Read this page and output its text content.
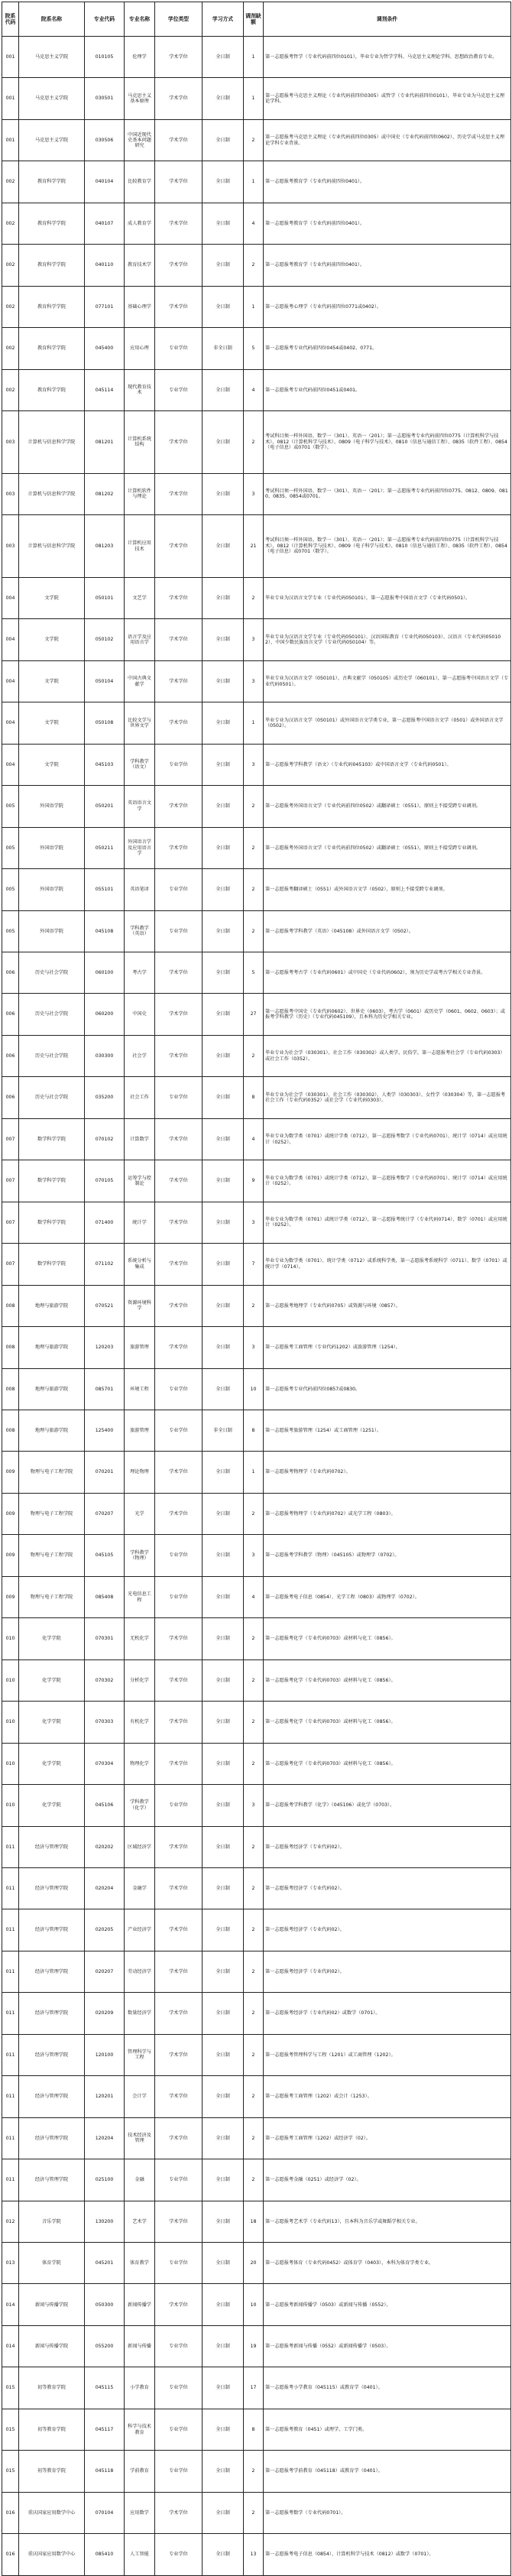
院系代码	院系名称	专业代码	专业名称	学位类型	学习方式	调剂缺额	调剂条件
001	马克思主义学院	010105	伦理学	学术学位	全日制	1	第一志愿报考哲学（专业代码前四位0101），毕业专业为哲学学科、马克思主义理论学科、思想政治教育专业。
001	马克思主义学院	030501	马克思主义基本原理	学术学位	全日制	1	第一志愿报考马克思主义理论（专业代码前四位0305）或哲学（专业代码前四位0101），毕业专业为马克思主义理论学科。
001	马克思主义学院	030506	中国近现代史基本问题研究	学术学位	全日制	2	第一志愿报考马克思主义理论（专业代码前四位0305）或中国史（专业代码前四位0602），历史学或马克思主义理论学科专业背景。
002	教育科学学院	040104	比较教育学	学术学位	全日制	1	第一志愿报考教育学（专业代码前四位0401）。
002	教育科学学院	040107	成人教育学	学术学位	全日制	4	第一志愿报考教育学（专业代码前四位0401）。
002	教育科学学院	040110	教育技术学	学术学位	全日制	2	第一志愿报考教育学（专业代码前四位0401）。
002	教育科学学院	077101	基础心理学	学术学位	全日制	1	第一志愿报考心理学（专业代码前四位0771或0402）。
002	教育科学学院	045400	应用心理	专业学位	非全日制	5	第一志愿报考专业代码前四位0454或0402、0771。
002	教育科学学院	045114	现代教育技术	专业学位	全日制	4	第一志愿报考专业代码前四位0451或0401。
003	计算机与信息科学学院	081201	计算机系统结构	学术学位	全日制	2	考试科目须一样外国语，数学一（301）、英语一（201）；第一志愿报考专业代码前四位0775（计算机科学与技术）、0812（计算机科学与技术）、0809（电子科学与技术）、0810（信息与通信工程）、0835（软件工程）、0854（电子信息）或0701（数学）。
003	计算机与信息科学学院	081202	计算机软件与理论	学术学位	全日制	3	考试科目须一样外国语，数学一（301）、英语一（201）；第一志愿报考专业代码前四位0775、0812、0809、0810、0835、0854或0701。
003	计算机与信息科学学院	081203	计算机应用技术	学术学位	全日制	21	考试科目须一样外国语，数学一（301）、英语一（201）；第一志愿报考专业代码前四位0775（计算机科学与技术）、0812（计算机科学与技术）、0809（电子科学与技术）、0810（信息与通信工程）、0835（软件工程）、0854（电子信息）或0701（数学）。
004	文学院	050101	文艺学	学术学位	全日制	2	毕业专业为汉语言文学专业（专业代码050101），第一志愿报考中国语言文学（专业代码0501）。
004	文学院	050102	语言学及应用语言学	学术学位	全日制	3	毕业专业为汉语言文学专业（专业代码050101）、汉语国际教育（专业代码050103）、汉语言（专业代码050102）、中国少数民族语言文学（专业代码050104）等。
004	文学院	050104	中国古典文献学	学术学位	全日制	3	毕业专业为汉语言文学（050101）、古典文献学（050105）或历史学（060101），第一志愿报考中国语言文学（专业代码0501）。
004	文学院	050108	比较文学与世界文学	学术学位	全日制	1	毕业专业为汉语言文学（050101）或外国语言文学类专业，第一志愿报考中国语言文学（0501）或外国语言文学（0502）。
004	文学院	045103	学科教学（语文）	专业学位	全日制	3	第一志愿报考学科教学（语文）（专业代码045103）或中国语言文学（专业代码0501）。
005	外国语学院	050201	英语语言文学	学术学位	全日制	2	第一志愿报考外国语言文学（专业代码前四位0502）或翻译硕士（0551），原则上不接受跨专业调剂。
005	外国语学院	050211	外国语言学及应用语言学	学术学位	全日制	2	第一志愿报考外国语言文学（专业代码前四位0502）或翻译硕士（0551），原则上不接受跨专业调剂。
005	外国语学院	055101	英语笔译	专业学位	全日制	2	第一志愿报考翻译硕士（0551）或外国语言文学（0502），原则上不接受跨专业调剂。
005	外国语学院	045108	学科教学（英语）	专业学位	全日制	2	第一志愿报考学科教学（英语）（045108）或外国语言文学（0502）。
006	历史与社会学院	060100	考古学	学术学位	全日制	5	第一志愿报考考古学（专业代码0601）或中国史（专业代码0602），须为历史学或考古学相关专业背景。
006	历史与社会学院	060200	中国史	学术学位	全日制	27	第一志愿报考中国史（专业代码0602）、世界史（0603）、考古学（0601）或历史学（0601、0602、0603）；或报考学科教学（历史）（专业代码045109），且本科为历史学相关专业。
006	历史与社会学院	030300	社会学	学术学位	全日制	2	毕业专业为社会学（030301）、社会工作（030302）或人类学、民俗学，第一志愿报考社会学（专业代码0303）或社会工作（0352）。
006	历史与社会学院	035200	社会工作	专业学位	全日制	8	毕业专业为社会学（030301）、社会工作（030302）、人类学（030303）、女性学（030304）等，第一志愿报考社会工作（专业代码0352）或社会学（专业代码0303）。
007	数学科学学院	070102	计算数学	学术学位	全日制	4	毕业专业为数学类（0701）或统计学类（0712），第一志愿报考数学（专业代码0701）、统计学（0714）或应用统计（0252）。
007	数学科学学院	070105	运筹学与控制论	学术学位	全日制	9	毕业专业为数学类（0701）或统计学类（0712），第一志愿报考数学（专业代码0701）、统计学（0714）或应用统计（0252）。
007	数学科学学院	071400	统计学	学术学位	全日制	3	毕业专业为数学类（0701）或统计学类（0712），第一志愿报考统计学（专业代码0714）、数学（0701）或应用统计（0252）。
007	数学科学学院	071102	系统分析与集成	学术学位	全日制	7	毕业专业为数学类（0701）、统计学类（0712）或系统科学类，第一志愿报考系统科学（0711）、数学（0701）或统计学（0714）。
008	地理与旅游学院	070521	资源环境科学	学术学位	全日制	2	第一志愿报考地理学（专业代码0705）或资源与环境（0857）。
008	地理与旅游学院	120203	旅游管理	学术学位	全日制	3	第一志愿报考工商管理（专业代码1202）或旅游管理（1254）。
008	地理与旅游学院	085701	环境工程	专业学位	全日制	10	第一志愿报考专业代码前四位0857或0830。
008	地理与旅游学院	125400	旅游管理	专业学位	非全日制	8	第一志愿报考旅游管理（1254）或工商管理（1251）。
009	物理与电子工程学院	070201	理论物理	学术学位	全日制	1	第一志愿报考物理学（专业代码0702）。
009	物理与电子工程学院	070207	光学	学术学位	全日制	2	第一志愿报考物理学（专业代码0702）或光学工程（0803）。
009	物理与电子工程学院	045105	学科教学（物理）	专业学位	全日制	3	第一志愿报考学科教学（物理）（045105）或物理学（0702）。
009	物理与电子工程学院	085408	光电信息工程	专业学位	全日制	4	第一志愿报考电子信息（0854）、光学工程（0803）或物理学（0702）。
010	化学学院	070301	无机化学	学术学位	全日制	2	第一志愿报考化学（专业代码0703）或材料与化工（0856）。
010	化学学院	070302	分析化学	学术学位	全日制	2	第一志愿报考化学（专业代码0703）或材料与化工（0856）。
010	化学学院	070303	有机化学	学术学位	全日制	2	第一志愿报考化学（专业代码0703）或材料与化工（0856）。
010	化学学院	070304	物理化学	学术学位	全日制	2	第一志愿报考化学（专业代码0703）或材料与化工（0856）。
010	化学学院	045106	学科教学（化学）	专业学位	全日制	3	第一志愿报考学科教学（化学）（045106）或化学（0703）。
011	经济与管理学院	020202	区域经济学	学术学位	全日制	2	第一志愿报考经济学（专业代码02）。
011	经济与管理学院	020204	金融学	学术学位	全日制	2	第一志愿报考经济学（专业代码02）。
011	经济与管理学院	020205	产业经济学	学术学位	全日制	2	第一志愿报考经济学（专业代码02）。
011	经济与管理学院	020207	劳动经济学	学术学位	全日制	2	第一志愿报考经济学（专业代码02）。
011	经济与管理学院	020209	数量经济学	学术学位	全日制	2	第一志愿报考经济学（专业代码02）或数学（0701）。
011	经济与管理学院	120100	管理科学与工程	学术学位	全日制	2	第一志愿报考管理科学与工程（1201）或工商管理（1202）。
011	经济与管理学院	120201	会计学	学术学位	全日制	2	第一志愿报考工商管理（1202）或会计（1253）。
011	经济与管理学院	120204	技术经济及管理	学术学位	全日制	2	第一志愿报考工商管理（1202）或经济学（02）。
011	经济与管理学院	025100	金融	专业学位	全日制	2	第一志愿报考金融（0251）或经济学（02）。
012	音乐学院	130200	艺术学	学术学位	全日制	18	第一志愿报考艺术学（专业代码13），且本科为音乐学或舞蹈学相关专业。
013	体育学院	045201	体育教学	专业学位	全日制	20	第一志愿报考体育（专业代码0452）或体育学（0403），本科为体育学类专业。
014	新闻与传播学院	050300	新闻传播学	学术学位	全日制	10	第一志愿报考新闻传播学（0503）或新闻与传播（0552）。
014	新闻与传播学院	055200	新闻与传播	专业学位	全日制	19	第一志愿报考新闻与传播（0552）或新闻传播学（0503）。
015	初等教育学院	045115	小学教育	专业学位	全日制	17	第一志愿报考小学教育（045115）或教育学（0401）。
015	初等教育学院	045117	科学与技术教育	专业学位	全日制	8	第一志愿报考教育（0451）或理学、工学门类。
015	初等教育学院	045118	学前教育	专业学位	全日制	2	第一志愿报考学前教育（045118）或教育学（0401）。
016	重庆国家应用数学中心	070104	应用数学	学术学位	全日制	2	第一志愿报考数学（专业代码0701）。
016	重庆国家应用数学中心	085410	人工智能	专业学位	全日制	13	第一志愿报考电子信息（0854）、计算机科学与技术（0812）或数学（0701）。
